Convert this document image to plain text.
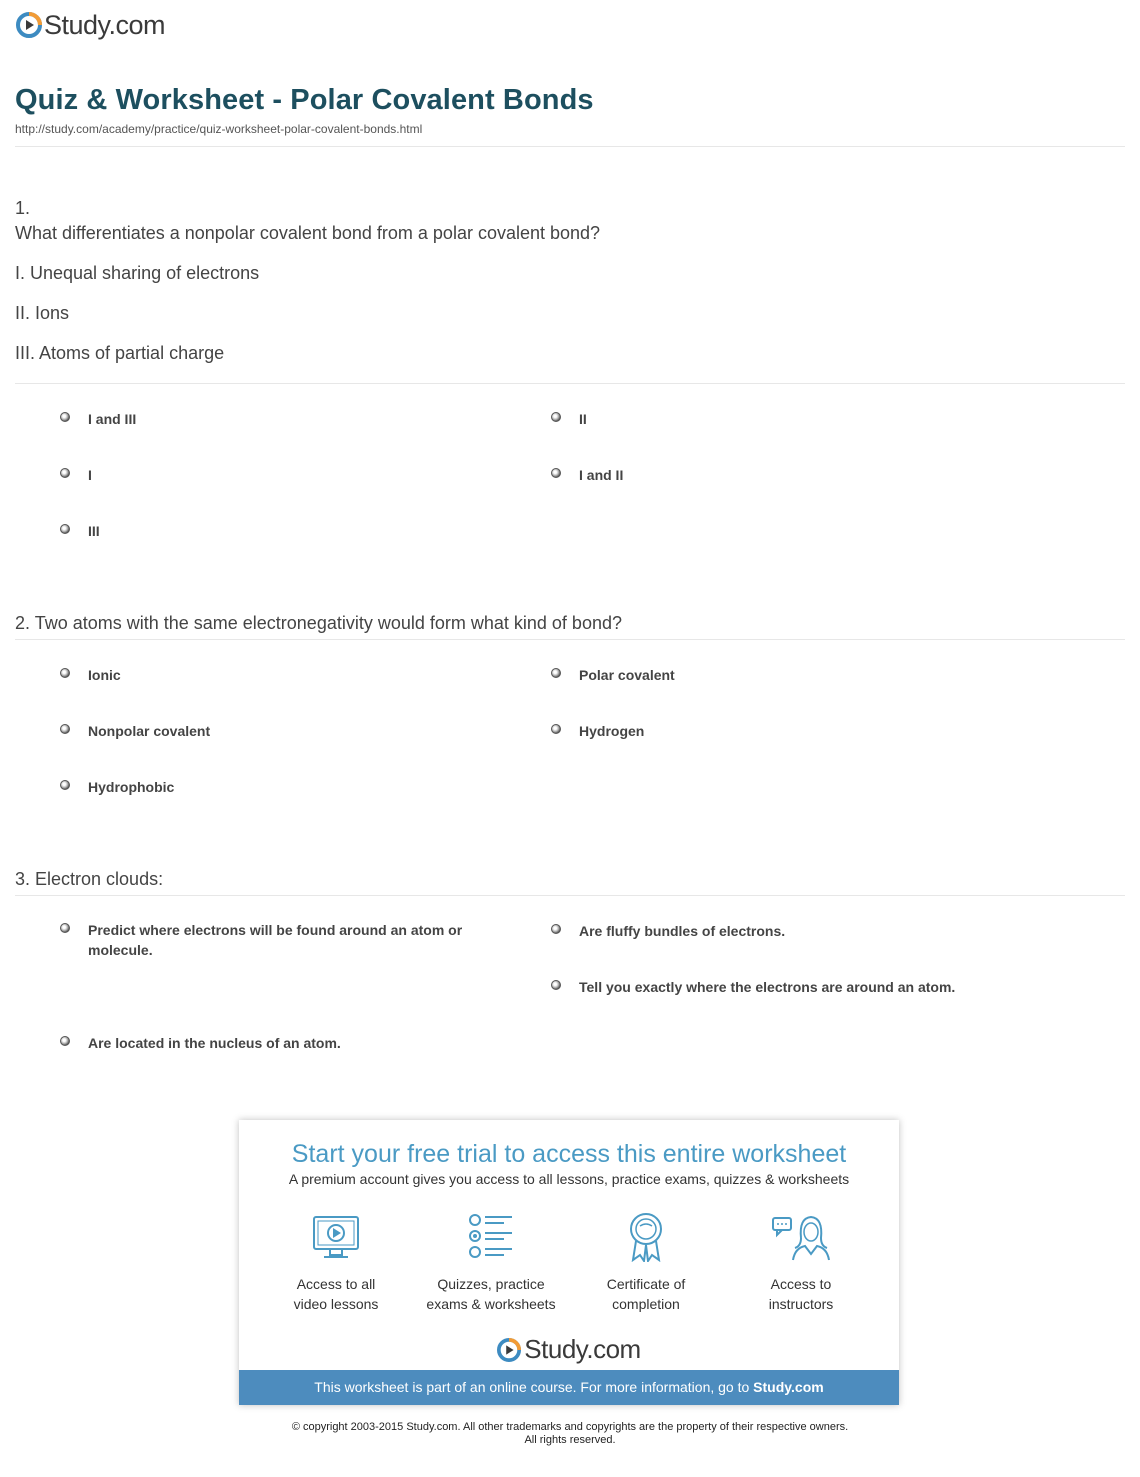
Study.com
Quiz & Worksheet - Polar Covalent Bonds
http://study.com/academy/practice/quiz-worksheet-polar-covalent-bonds.html
1.
What differentiates a nonpolar covalent bond from a polar covalent bond?
I. Unequal sharing of electrons
II. Ions
III. Atoms of partial charge
I and III	II
I	I and II
III
2. Two atoms with the same electronegativity would form what kind of bond?
Ionic	Polar covalent
Nonpolar covalent	Hydrogen
Hydrophobic
3. Electron clouds:
Predict where electrons will be found around an atom or molecule.
Are fluffy bundles of electrons.
Tell you exactly where the electrons are around an atom.
Are located in the nucleus of an atom.
Start your free trial to access this entire worksheet
A premium account gives you access to all lessons, practice exams, quizzes & worksheets
Access to all
video lessons
Quizzes, practice
exams & worksheets
Certificate of
completion
Access to
instructors
Study.com
This worksheet is part of an online course. For more information, go to Study.com
© copyright 2003-2015 Study.com. All other trademarks and copyrights are the property of their respective owners.
All rights reserved.
